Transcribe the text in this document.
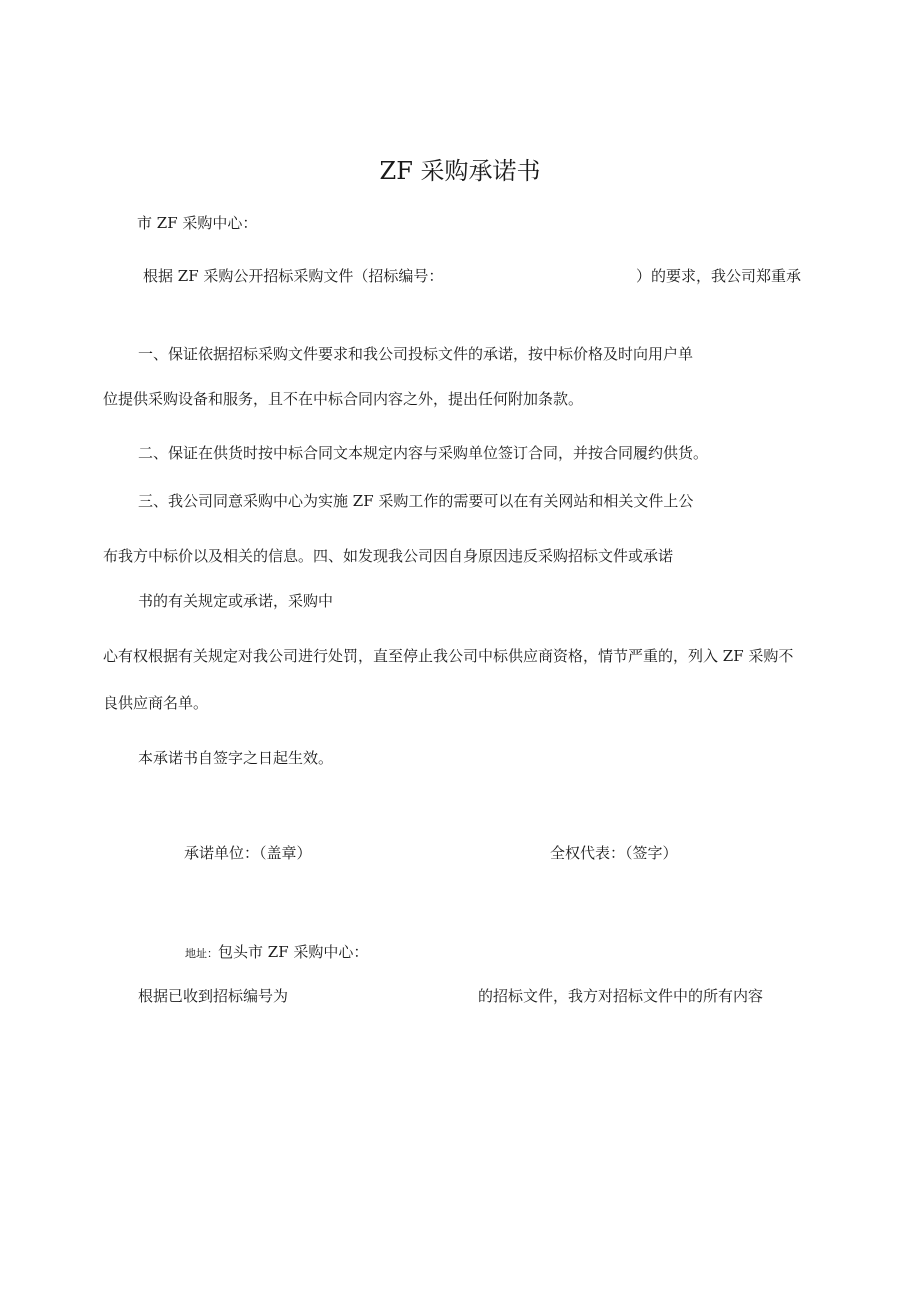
ZF 采购承诺书
市 ZF 采购中心：
根据 ZF 采购公开招标采购文件（招标编号：	）的要求，我公司郑重承
一、保证依据招标采购文件要求和我公司投标文件的承诺，按中标价格及时向用户单
位提供采购设备和服务，且不在中标合同内容之外，提出任何附加条款。
二、保证在供货时按中标合同文本规定内容与采购单位签订合同，并按合同履约供货。
三、我公司同意采购中心为实施 ZF 采购工作的需要可以在有关网站和相关文件上公
布我方中标价以及相关的信息。四、如发现我公司因自身原因违反采购招标文件或承诺
书的有关规定或承诺，采购中
心有权根据有关规定对我公司进行处罚，直至停止我公司中标供应商资格，情节严重的，列入 ZF 采购不
良供应商名单。
本承诺书自签字之日起生效。
承诺单位：（盖章）	全权代表：（签字）
地址：包头市 ZF 采购中心：
根据已收到招标编号为	的招标文件，我方对招标文件中的所有内容
